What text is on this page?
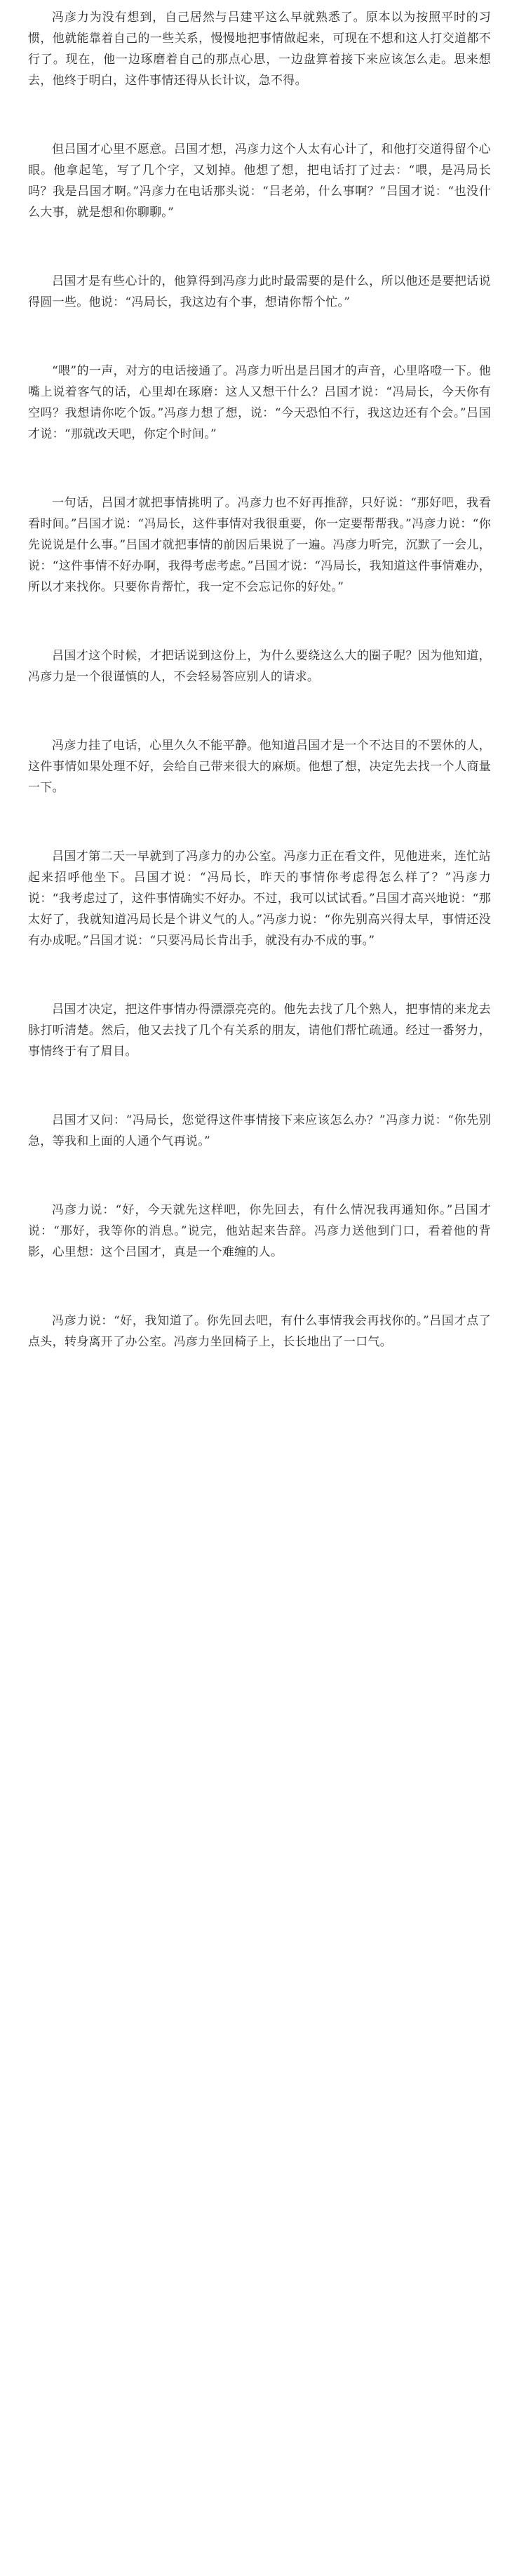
冯彦力为没有想到，自己居然与吕建平这么早就熟悉了。原本以为按照平时的习惯，他就能靠着自己的一些关系，慢慢地把事情做起来，可现在不想和这人打交道都不行了。现在，他一边琢磨着自己的那点心思，一边盘算着接下来应该怎么走。思来想去，他终于明白，这件事情还得从长计议，急不得。

但吕国才心里不愿意。吕国才想，冯彦力这个人太有心计了，和他打交道得留个心眼。他拿起笔，写了几个字，又划掉。他想了想，把电话打了过去：“喂，是冯局长吗？我是吕国才啊。”冯彦力在电话那头说：“吕老弟，什么事啊？”吕国才说：“也没什么大事，就是想和你聊聊。”

吕国才是有些心计的，他算得到冯彦力此时最需要的是什么，所以他还是要把话说得圆一些。他说：“冯局长，我这边有个事，想请你帮个忙。”

“喂”的一声，对方的电话接通了。冯彦力听出是吕国才的声音，心里咯噔一下。他嘴上说着客气的话，心里却在琢磨：这人又想干什么？吕国才说：“冯局长，今天你有空吗？我想请你吃个饭。”冯彦力想了想，说：“今天恐怕不行，我这边还有个会。”吕国才说：“那就改天吧，你定个时间。”

一句话，吕国才就把事情挑明了。冯彦力也不好再推辞，只好说：“那好吧，我看看时间。”吕国才说：“冯局长，这件事情对我很重要，你一定要帮帮我。”冯彦力说：“你先说说是什么事。”吕国才就把事情的前因后果说了一遍。冯彦力听完，沉默了一会儿，说：“这件事情不好办啊，我得考虑考虑。”吕国才说：“冯局长，我知道这件事情难办，所以才来找你。只要你肯帮忙，我一定不会忘记你的好处。”

吕国才这个时候，才把话说到这份上，为什么要绕这么大的圈子呢？因为他知道，冯彦力是一个很谨慎的人，不会轻易答应别人的请求。

冯彦力挂了电话，心里久久不能平静。他知道吕国才是一个不达目的不罢休的人，这件事情如果处理不好，会给自己带来很大的麻烦。他想了想，决定先去找一个人商量一下。

吕国才第二天一早就到了冯彦力的办公室。冯彦力正在看文件，见他进来，连忙站起来招呼他坐下。吕国才说：“冯局长，昨天的事情你考虑得怎么样了？”冯彦力说：“我考虑过了，这件事情确实不好办。不过，我可以试试看。”吕国才高兴地说：“那太好了，我就知道冯局长是个讲义气的人。”冯彦力说：“你先别高兴得太早，事情还没有办成呢。”吕国才说：“只要冯局长肯出手，就没有办不成的事。”

吕国才决定，把这件事情办得漂漂亮亮的。他先去找了几个熟人，把事情的来龙去脉打听清楚。然后，他又去找了几个有关系的朋友，请他们帮忙疏通。经过一番努力，事情终于有了眉目。

吕国才又问：“冯局长，您觉得这件事情接下来应该怎么办？”冯彦力说：“你先别急，等我和上面的人通个气再说。”

冯彦力说：“好，今天就先这样吧，你先回去，有什么情况我再通知你。”吕国才说：“那好，我等你的消息。”说完，他站起来告辞。冯彦力送他到门口，看着他的背影，心里想：这个吕国才，真是一个难缠的人。

冯彦力说：“好，我知道了。你先回去吧，有什么事情我会再找你的。”吕国才点了点头，转身离开了办公室。冯彦力坐回椅子上，长长地出了一口气。
